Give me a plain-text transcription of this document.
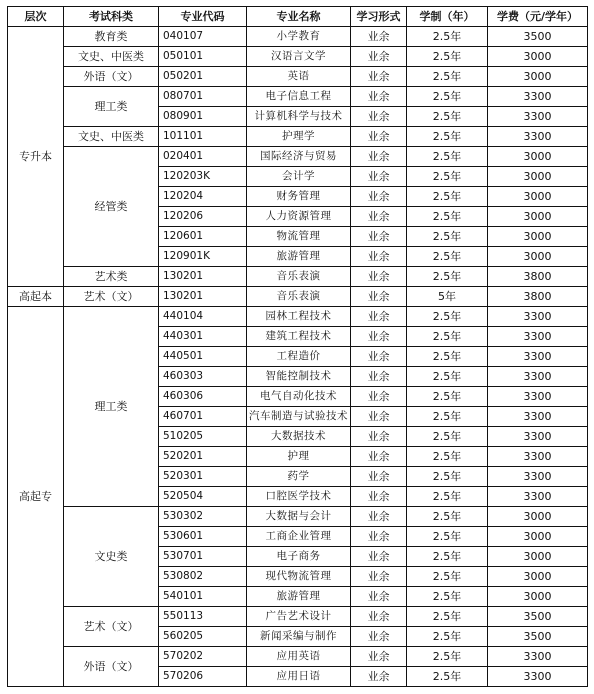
层次	考试科类	专业代码	专业名称	学习形式	学制（年）	学费（元/学年）
专升本	教育类	040107	小学教育	业余	2.5年	3500
	文史、中医类	050101	汉语言文学	业余	2.5年	3000
	外语（文）	050201	英语	业余	2.5年	3000
	理工类	080701	电子信息工程	业余	2.5年	3300
		080901	计算机科学与技术	业余	2.5年	3300
	文史、中医类	101101	护理学	业余	2.5年	3300
	经管类	020401	国际经济与贸易	业余	2.5年	3000
		120203K	会计学	业余	2.5年	3000
		120204	财务管理	业余	2.5年	3000
		120206	人力资源管理	业余	2.5年	3000
		120601	物流管理	业余	2.5年	3000
		120901K	旅游管理	业余	2.5年	3000
	艺术类	130201	音乐表演	业余	2.5年	3800
高起本	艺术（文）	130201	音乐表演	业余	5年	3800
高起专	理工类	440104	园林工程技术	业余	2.5年	3300
		440301	建筑工程技术	业余	2.5年	3300
		440501	工程造价	业余	2.5年	3300
		460303	智能控制技术	业余	2.5年	3300
		460306	电气自动化技术	业余	2.5年	3300
		460701	汽车制造与试验技术	业余	2.5年	3300
		510205	大数据技术	业余	2.5年	3300
		520201	护理	业余	2.5年	3300
		520301	药学	业余	2.5年	3300
		520504	口腔医学技术	业余	2.5年	3300
	文史类	530302	大数据与会计	业余	2.5年	3000
		530601	工商企业管理	业余	2.5年	3000
		530701	电子商务	业余	2.5年	3000
		530802	现代物流管理	业余	2.5年	3000
		540101	旅游管理	业余	2.5年	3000
	艺术（文）	550113	广告艺术设计	业余	2.5年	3500
		560205	新闻采编与制作	业余	2.5年	3500
	外语（文）	570202	应用英语	业余	2.5年	3300
		570206	应用日语	业余	2.5年	3300
